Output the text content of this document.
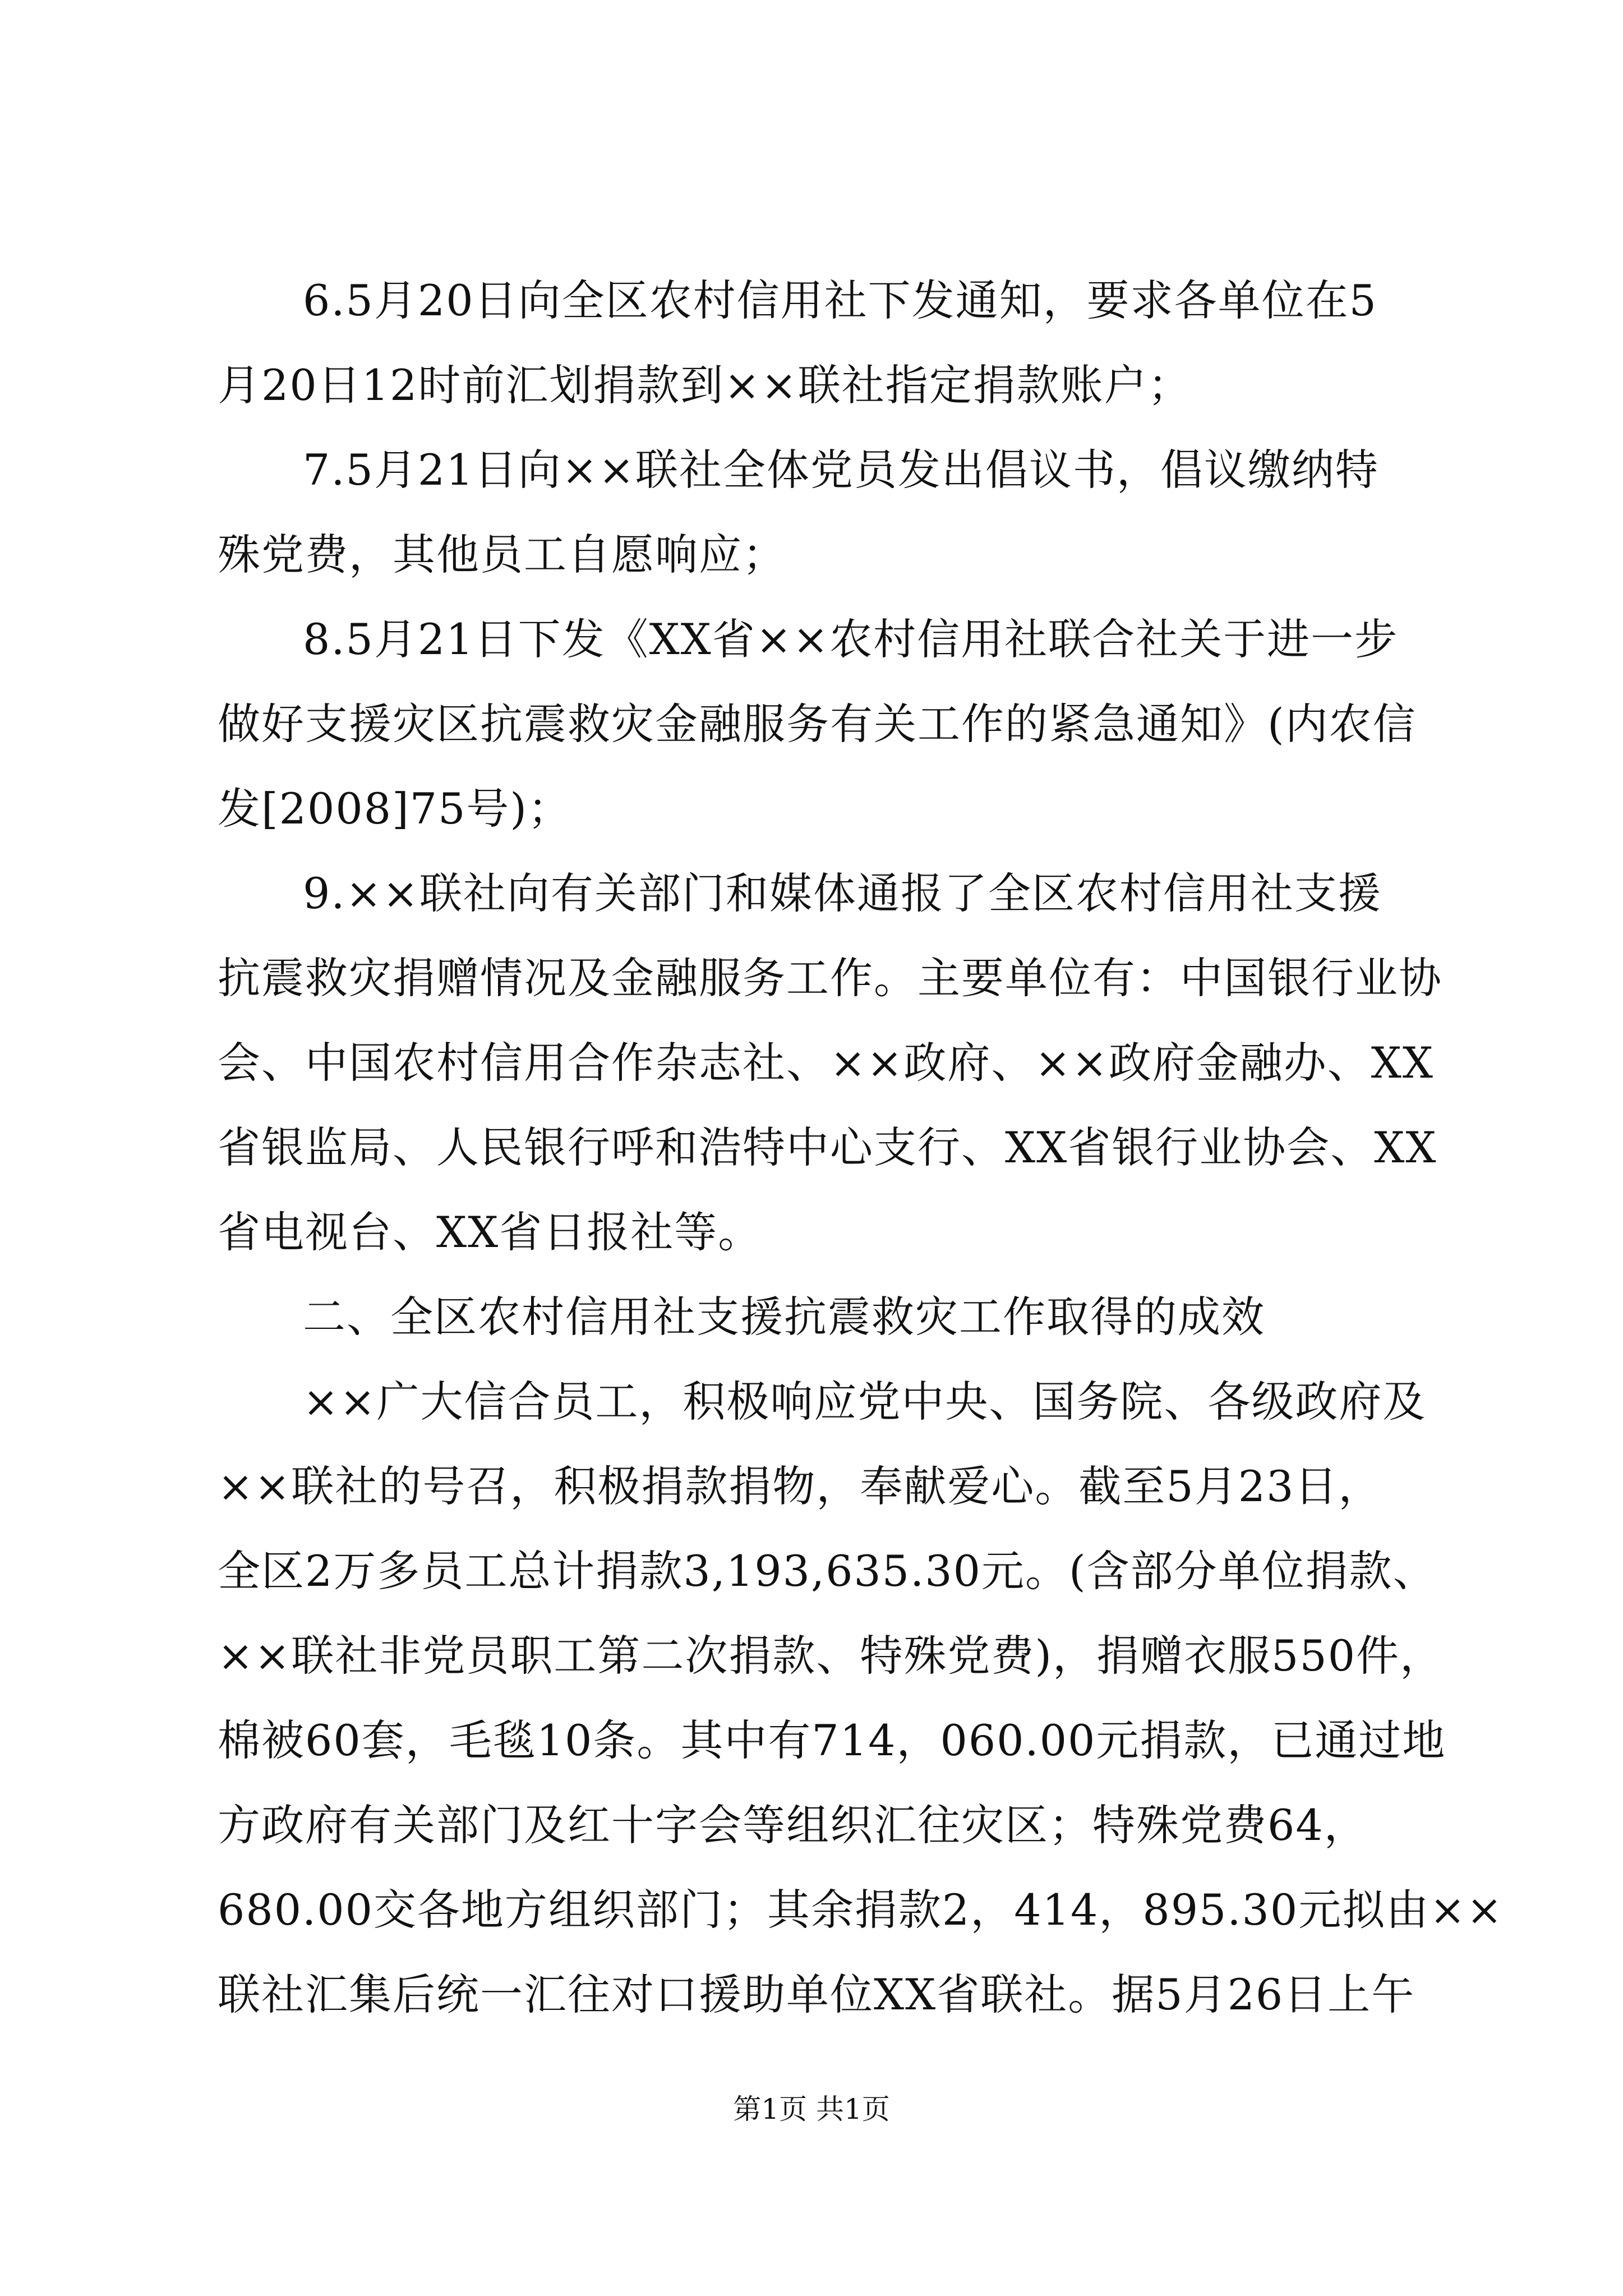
6.5月20日向全区农村信用社下发通知，要求各单位在5
月20日12时前汇划捐款到××联社指定捐款账户；
7.5月21日向××联社全体党员发出倡议书，倡议缴纳特
殊党费，其他员工自愿响应；
8.5月21日下发《XX省××农村信用社联合社关于进一步
做好支援灾区抗震救灾金融服务有关工作的紧急通知》(内农信
发[2008]75号)；
9.××联社向有关部门和媒体通报了全区农村信用社支援
抗震救灾捐赠情况及金融服务工作。主要单位有：中国银行业协
会、中国农村信用合作杂志社、××政府、××政府金融办、XX
省银监局、人民银行呼和浩特中心支行、XX省银行业协会、XX
省电视台、XX省日报社等。
二、全区农村信用社支援抗震救灾工作取得的成效
××广大信合员工，积极响应党中央、国务院、各级政府及
××联社的号召，积极捐款捐物，奉献爱心。截至5月23日，
全区2万多员工总计捐款3,193,635.30元。(含部分单位捐款、
××联社非党员职工第二次捐款、特殊党费)，捐赠衣服550件，
棉被60套，毛毯10条。其中有714，060.00元捐款，已通过地
方政府有关部门及红十字会等组织汇往灾区；特殊党费64，
680.00交各地方组织部门；其余捐款2，414，895.30元拟由××
联社汇集后统一汇往对口援助单位XX省联社。据5月26日上午
第1页 共1页
